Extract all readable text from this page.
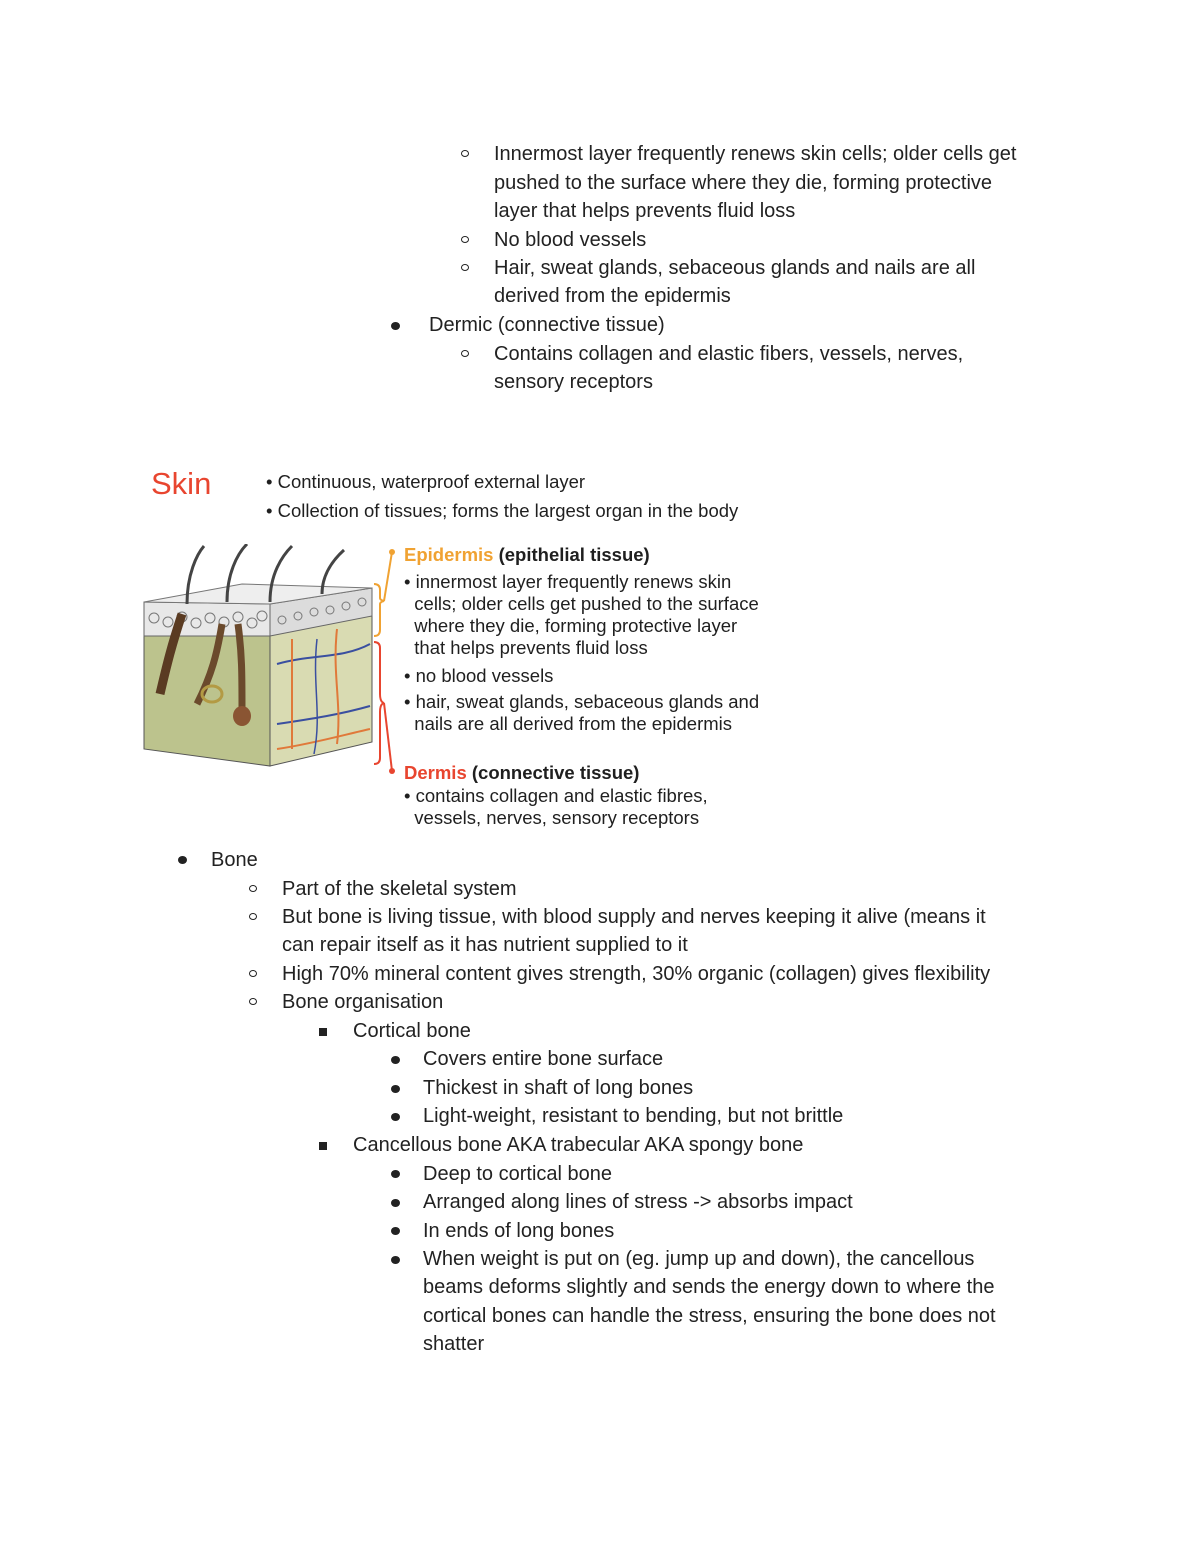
Innermost layer frequently renews skin cells; older cells get
pushed to the surface where they die, forming protective
layer that helps prevents fluid loss
No blood vessels
Hair, sweat glands, sebaceous glands and nails are all
derived from the epidermis
Dermic (connective tissue)
Contains collagen and elastic fibers, vessels, nerves,
sensory receptors
Skin	• Continuous, waterproof external layer
• Collection of tissues; forms the largest organ in the body
Epidermis (epithelial tissue)
• innermost layer frequently renews skin
cells; older cells get pushed to the surface
where they die, forming protective layer
that helps prevents fluid loss
• no blood vessels
• hair, sweat glands, sebaceous glands and
nails are all derived from the epidermis
Dermis (connective tissue)
• contains collagen and elastic fibres,
vessels, nerves, sensory receptors
Bone
Part of the skeletal system
But bone is living tissue, with blood supply and nerves keeping it alive (means it
can repair itself as it has nutrient supplied to it
High 70% mineral content gives strength, 30% organic (collagen) gives flexibility
Bone organisation
Cortical bone
Covers entire bone surface
Thickest in shaft of long bones
Light-weight, resistant to bending, but not brittle
Cancellous bone AKA trabecular AKA spongy bone
Deep to cortical bone
Arranged along lines of stress -> absorbs impact
In ends of long bones
When weight is put on (eg. jump up and down), the cancellous
beams deforms slightly and sends the energy down to where the
cortical bones can handle the stress, ensuring the bone does not
shatter
